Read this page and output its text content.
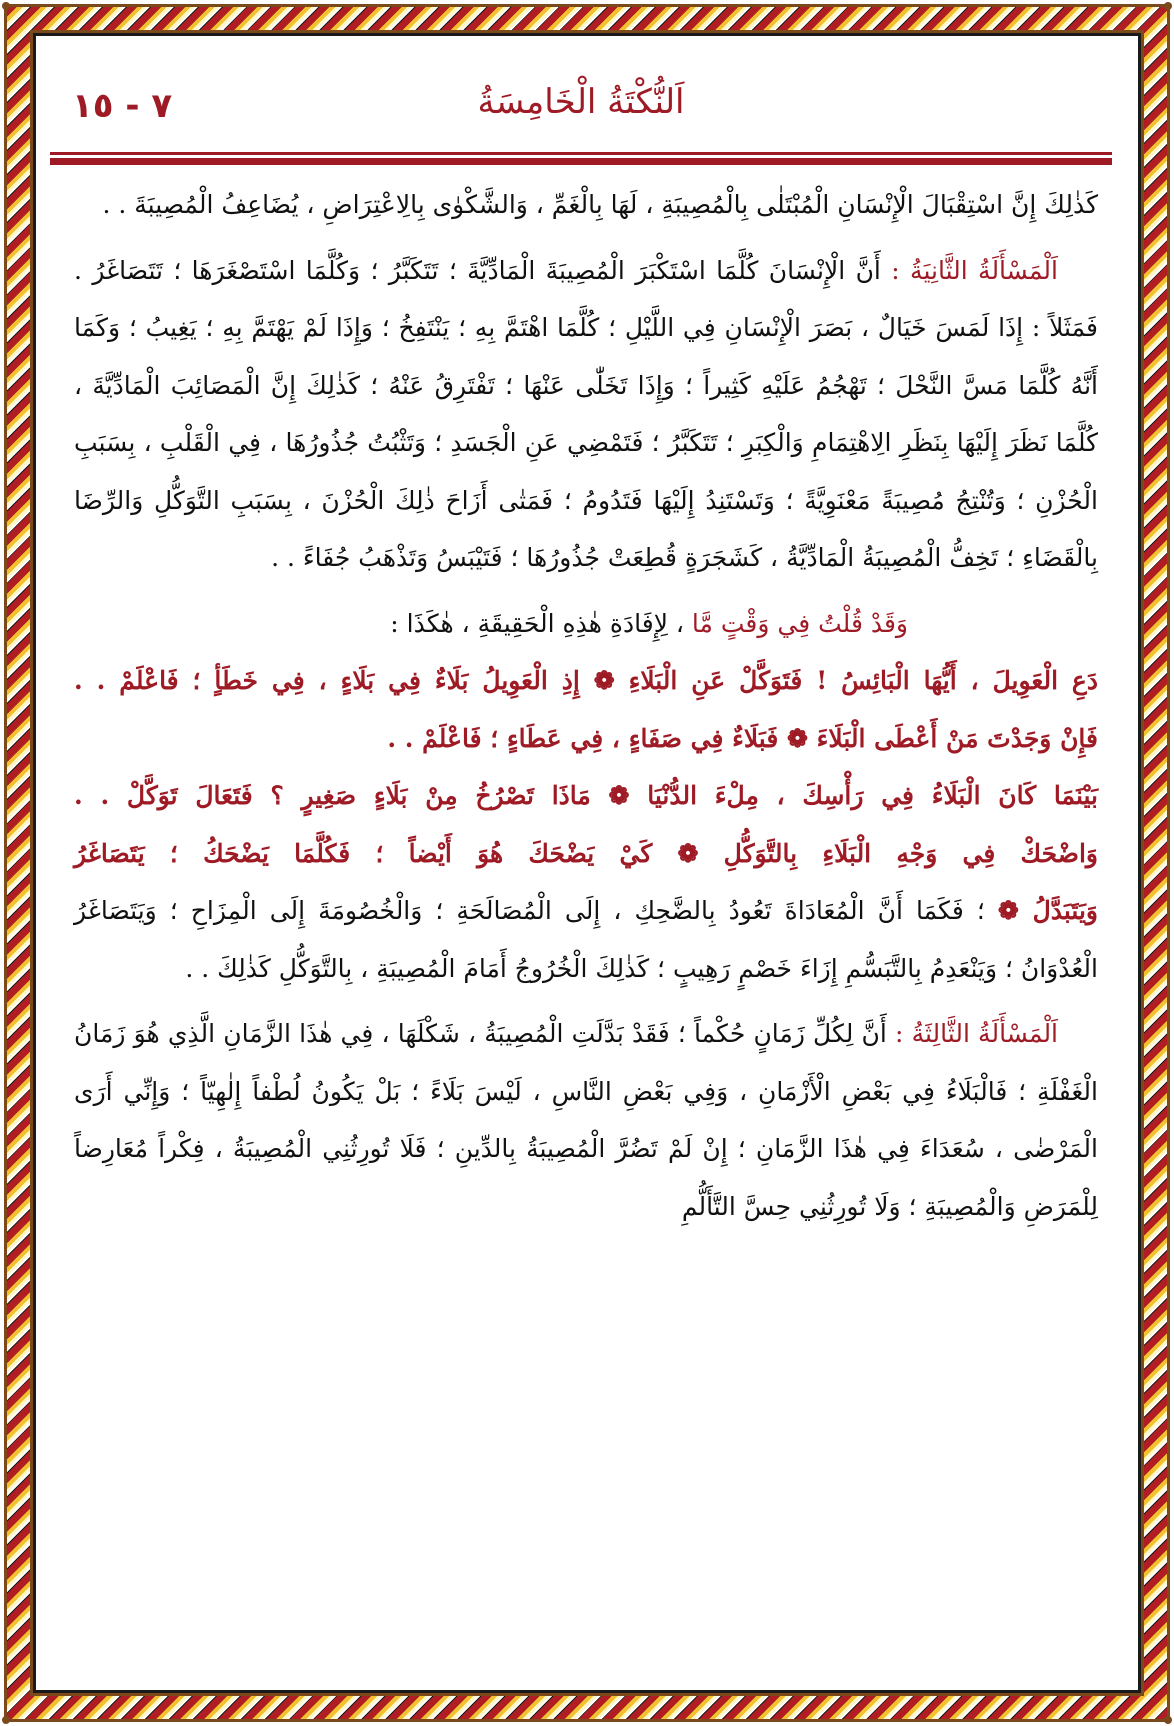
٧ - ١٥	اَلنُّكْتَةُ الْخَامِسَةُ

كَذٰلِكَ إِنَّ اسْتِقْبَالَ الْإِنْسَانِ الْمُبْتَلٰى بِالْمُصِيبَةِ ، لَهَا بِالْغَمِّ ، وَالشَّكْوٰى بِالِاعْتِرَاضِ ، يُضَاعِفُ الْمُصِيبَةَ . .

اَلْمَسْأَلَةُ الثَّانِيَةُ : أَنَّ الْإِنْسَانَ كُلَّمَا اسْتَكْبَرَ الْمُصِيبَةَ الْمَادِّيَّةَ ؛ تَتَكَبَّرُ ؛ وَكُلَّمَا اسْتَصْغَرَهَا ؛ تَتَصَاغَرُ . فَمَثَلاً : إِذَا لَمَسَ خَيَالٌ ، بَصَرَ الْإِنْسَانِ فِي اللَّيْلِ ؛ كُلَّمَا اهْتَمَّ بِهِ ؛ يَنْتَفِخُ ؛ وَإِذَا لَمْ يَهْتَمَّ بِهِ ؛ يَغِيبُ ؛ وَكَمَا أَنَّهُ كُلَّمَا مَسَّ النَّحْلَ ؛ تَهْجُمُ عَلَيْهِ كَثِيراً ؛ وَإِذَا تَخَلّٰى عَنْهَا ؛ تَفْتَرِقُ عَنْهُ ؛ كَذٰلِكَ إِنَّ الْمَصَائِبَ الْمَادِّيَّةَ ، كُلَّمَا نَظَرَ إِلَيْهَا بِنَظَرِ الِاهْتِمَامِ وَالْكِبَرِ ؛ تَتَكَبَّرُ ؛ فَتَمْضِي عَنِ الْجَسَدِ ؛ وَتَثْبُتُ جُذُورُهَا ، فِي الْقَلْبِ ، بِسَبَبِ الْحُزْنِ ؛ وَتُنْتِجُ مُصِيبَةً مَعْنَوِيَّةً ؛ وَتَسْتَنِدُ إِلَيْهَا فَتَدُومُ ؛ فَمَتٰى أَزَاحَ ذٰلِكَ الْحُزْنَ ، بِسَبَبِ التَّوَكُّلِ وَالرِّضَا بِالْقَضَاءِ ؛ تَخِفُّ الْمُصِيبَةُ الْمَادِّيَّةُ ، كَشَجَرَةٍ قُطِعَتْ جُذُورُهَا ؛ فَتَيْبَسُ وَتَذْهَبُ جُفَاءً . .

وَقَدْ قُلْتُ فِي وَقْتٍ مَّا ، لِإِفَادَةِ هٰذِهِ الْحَقِيقَةِ ، هٰكَذَا :

دَعِ الْعَوِيلَ ، أَيُّهَا الْبَائِسُ ! فَتَوَكَّلْ عَنِ الْبَلَاءِ ❁ إِذِ الْعَوِيلُ بَلَاءٌ فِي بَلَاءٍ ، فِي خَطَأٍ ؛ فَاعْلَمْ . .

فَإِنْ وَجَدْتَ مَنْ أَعْطَى الْبَلَاءَ ❁ فَبَلَاءٌ فِي صَفَاءٍ ، فِي عَطَاءٍ ؛ فَاعْلَمْ . .

بَيْنَمَا كَانَ الْبَلَاءُ فِي رَأْسِكَ ، مِلْءَ الدُّنْيَا ❁ مَاذَا تَصْرُخُ مِنْ بَلَاءٍ صَغِيرٍ ؟ فَتَعَالَ تَوَكَّلْ . .

وَاضْحَكْ فِي وَجْهِ الْبَلَاءِ بِالتَّوَكُّلِ ❁ كَيْ يَضْحَكَ هُوَ أَيْضاً ؛ فَكُلَّمَا يَضْحَكُ ؛ يَتَصَاغَرُ

وَيَتَبَدَّلُ ❁ ؛ فَكَمَا أَنَّ الْمُعَادَاةَ تَعُودُ بِالضَّحِكِ ، إِلَى الْمُصَالَحَةِ ؛ وَالْخُصُومَةَ إِلَى الْمِزَاحِ ؛ وَيَتَصَاغَرُ الْعُدْوَانُ ؛ وَيَنْعَدِمُ بِالتَّبَسُّمِ إِزَاءَ خَصْمٍ رَهِيبٍ ؛ كَذٰلِكَ الْخُرُوجُ أَمَامَ الْمُصِيبَةِ ، بِالتَّوَكُّلِ كَذٰلِكَ . .

اَلْمَسْأَلَةُ الثَّالِثَةُ : أَنَّ لِكُلِّ زَمَانٍ حُكْماً ؛ فَقَدْ بَدَّلَتِ الْمُصِيبَةُ ، شَكْلَهَا ، فِي هٰذَا الزَّمَانِ الَّذِي هُوَ زَمَانُ الْغَفْلَةِ ؛ فَالْبَلَاءُ فِي بَعْضِ الْأَزْمَانِ ، وَفِي بَعْضِ النَّاسِ ، لَيْسَ بَلَاءً ؛ بَلْ يَكُونُ لُطْفاً إِلٰهِيّاً ؛ وَإِنِّي أَرَى الْمَرْضٰى ، سُعَدَاءَ فِي هٰذَا الزَّمَانِ ؛ إِنْ لَمْ تَضُرَّ الْمُصِيبَةُ بِالدِّينِ ؛ فَلَا تُورِثُنِي الْمُصِيبَةُ ، فِكْراً مُعَارِضاً لِلْمَرَضِ وَالْمُصِيبَةِ ؛ وَلَا تُورِثُنِي حِسَّ التَّأَلُّمِ
